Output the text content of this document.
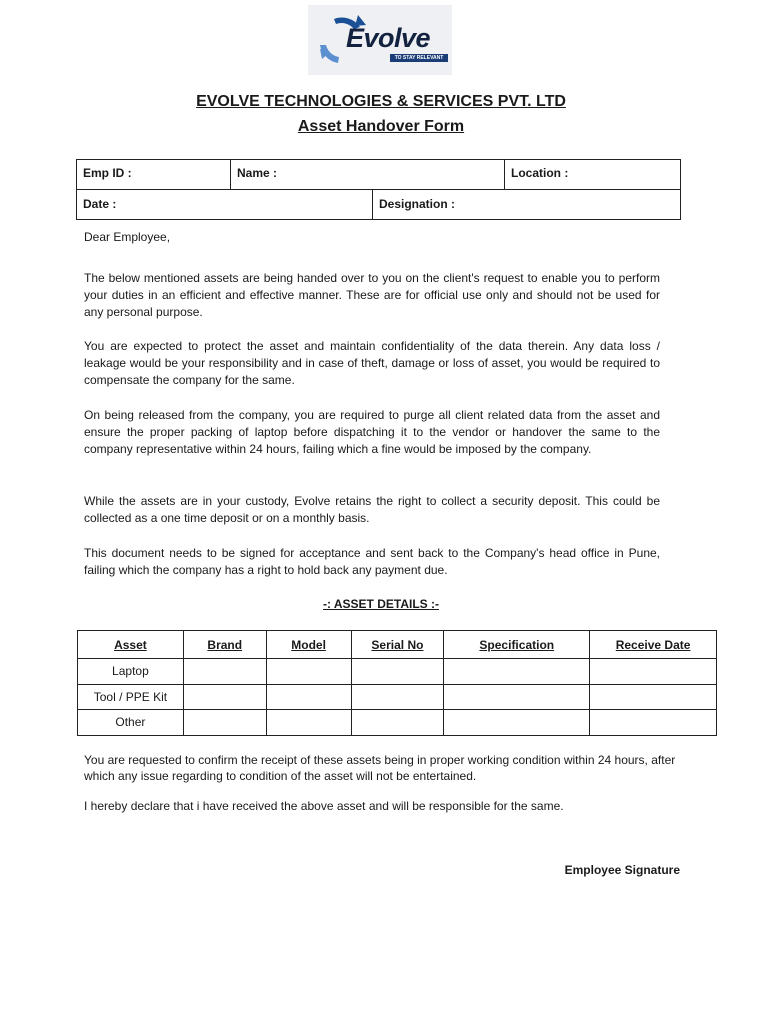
Evolve
TO STAY RELEVANT
EVOLVE TECHNOLOGIES & SERVICES PVT. LTD
Asset Handover Form
Emp ID :	Name :	Location :
Date :	Designation :
Dear Employee,
The below mentioned assets are being handed over to you on the client's request to enable you to perform your duties in an efficient and effective manner. These are for official use only and should not be used for any personal purpose.
You are expected to protect the asset and maintain confidentiality of the data therein. Any data loss / leakage would be your responsibility and in case of theft, damage or loss of asset, you would be required to compensate the company for the same.
On being released from the company, you are required to purge all client related data from the asset and ensure the proper packing of laptop before dispatching it to the vendor or handover the same to the company representative within 24 hours, failing which a fine would be imposed by the company.
While the assets are in your custody, Evolve retains the right to collect a security deposit. This could be collected as a one time deposit or on a monthly basis.
This document needs to be signed for acceptance and sent back to the Company's head office in Pune, failing which the company has a right to hold back any payment due.
-: ASSET DETAILS :-
Asset	Brand	Model	Serial No	Specification	Receive Date
Laptop					
Tool / PPE Kit					
Other					
You are requested to confirm the receipt of these assets being in proper working condition within 24 hours, after which any issue regarding to condition of the asset will not be entertained.
I hereby declare that i have received the above asset and will be responsible for the same.
Employee Signature
